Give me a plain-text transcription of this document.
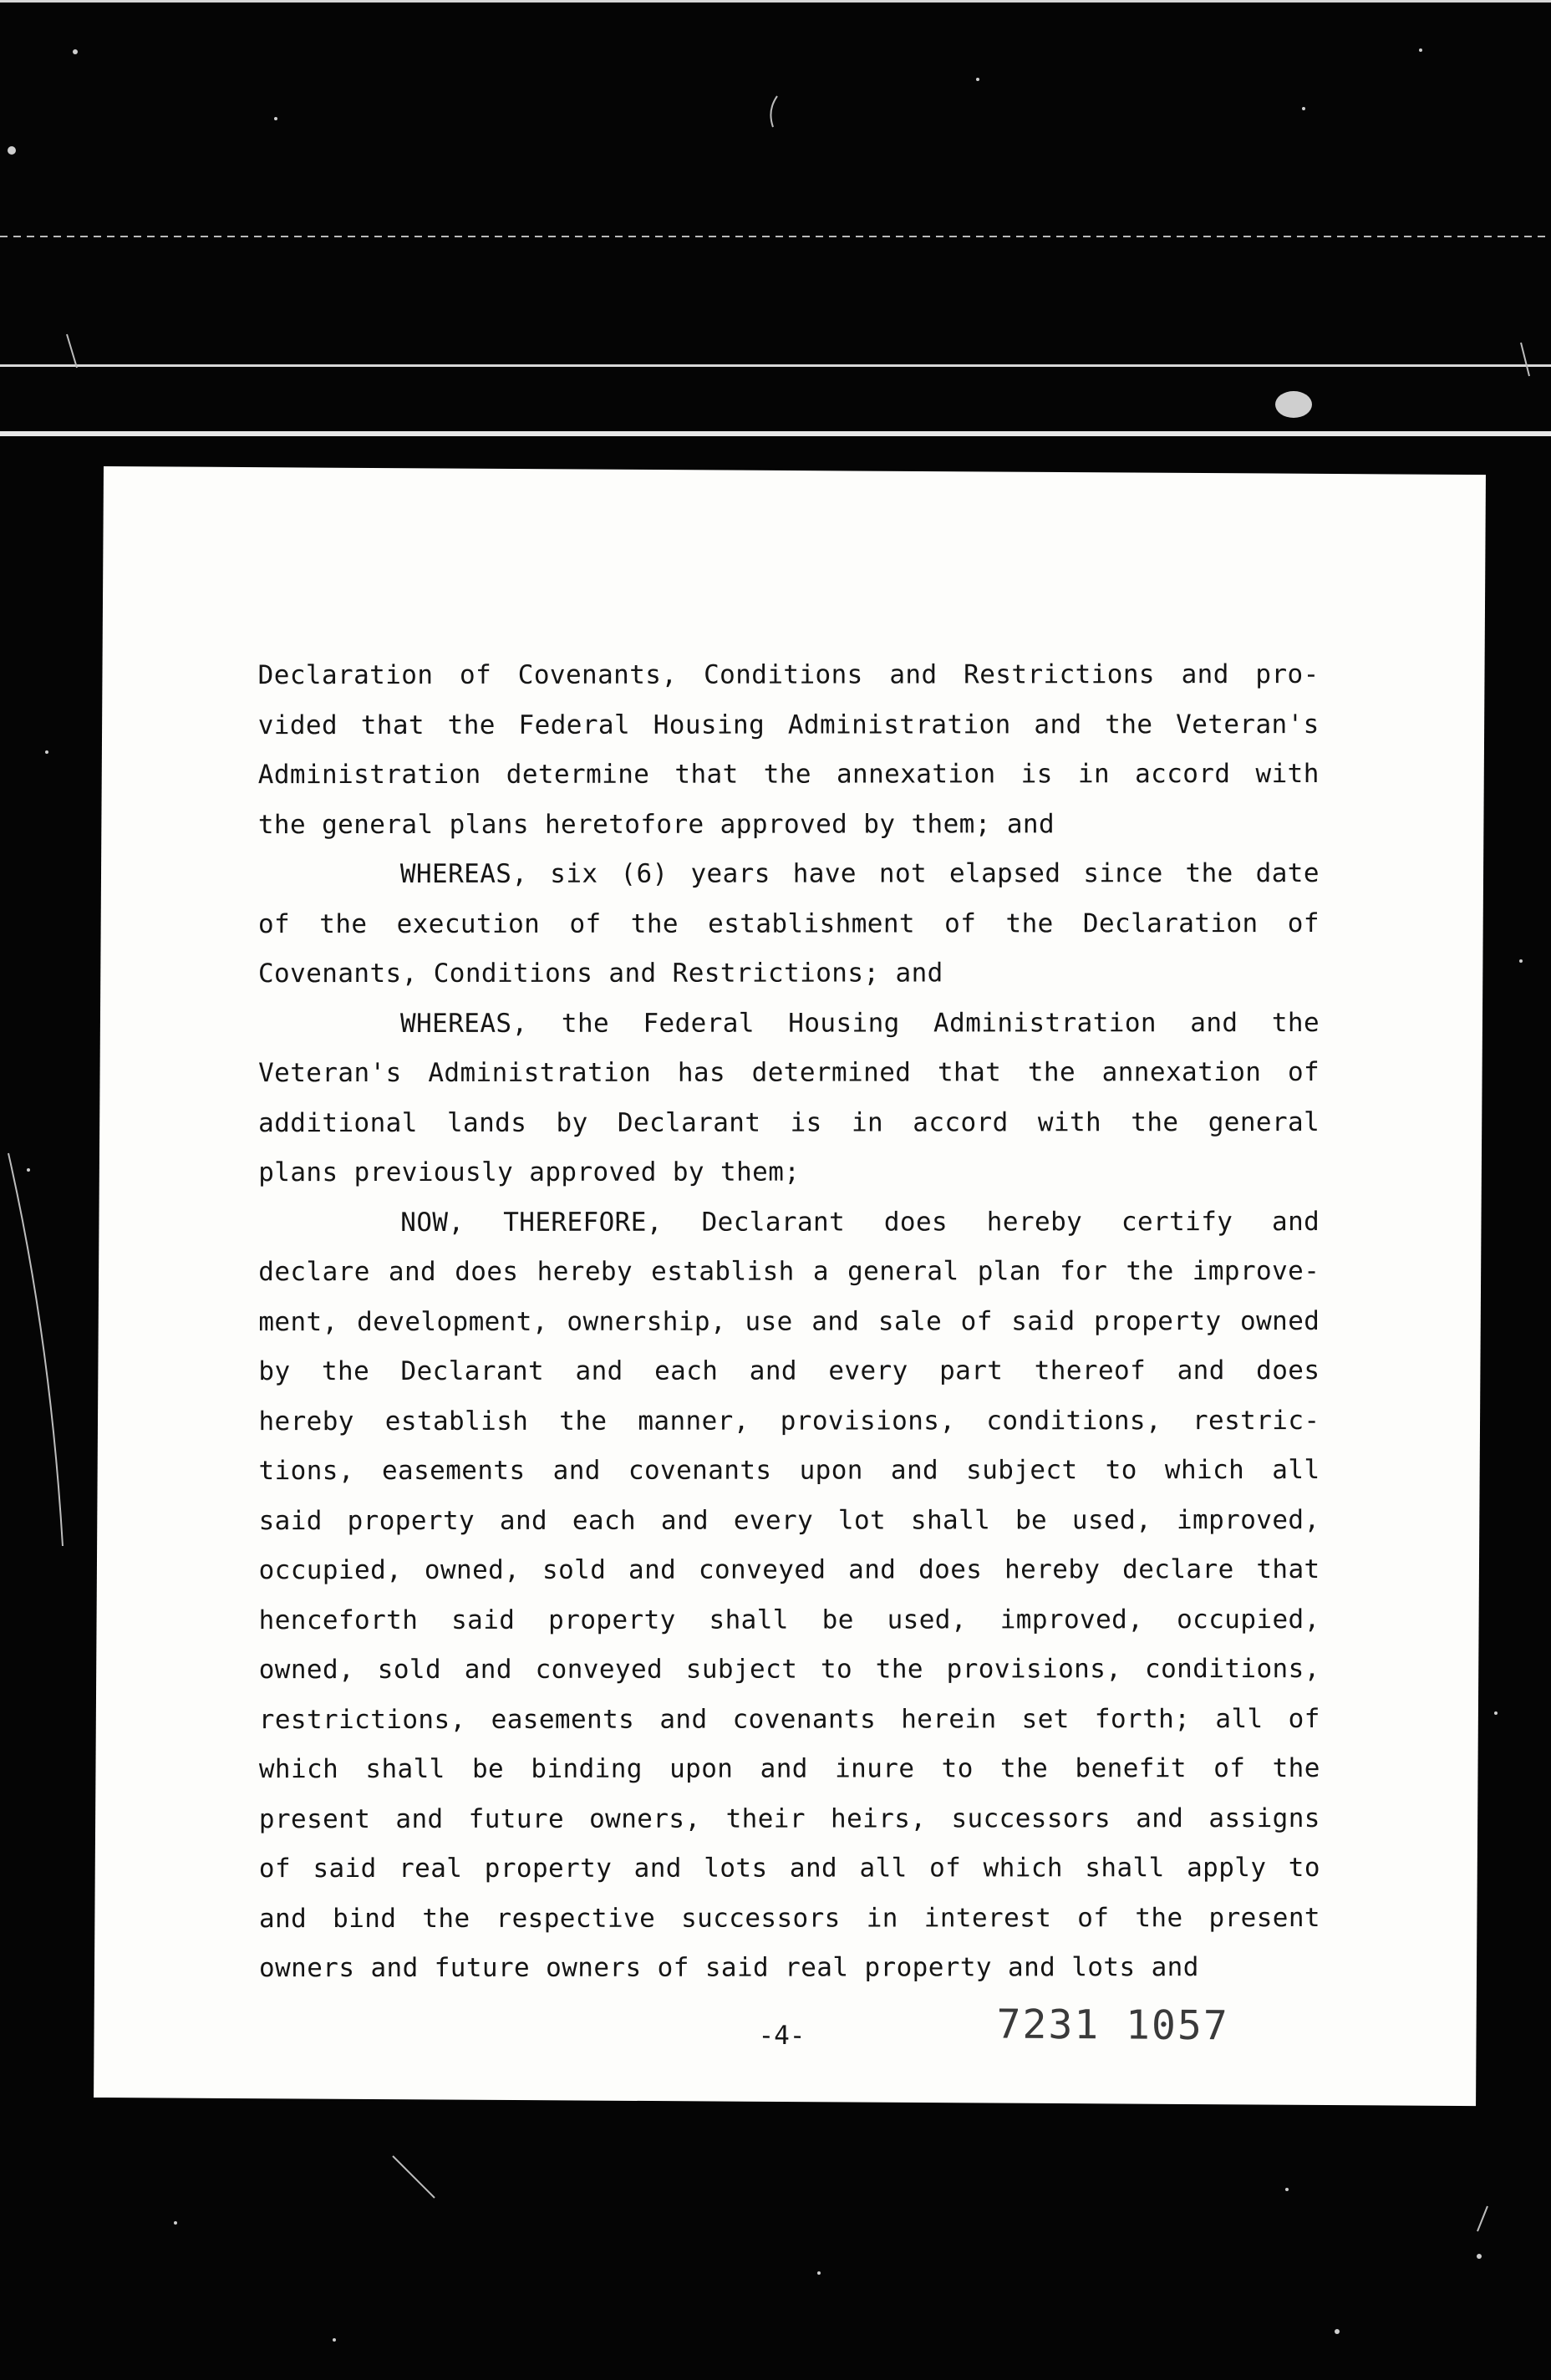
Declaration of Covenants, Conditions and Restrictions and pro-
vided that the Federal Housing Administration and the Veteran's
Administration determine that the annexation is in accord with
the general plans heretofore approved by them; and
WHEREAS, six (6) years have not elapsed since the date
of the execution of the establishment of the Declaration of
Covenants, Conditions and Restrictions; and
WHEREAS, the Federal Housing Administration and the
Veteran's Administration has determined that the annexation of
additional lands by Declarant is in accord with the general
plans previously approved by them;
NOW, THEREFORE, Declarant does hereby certify and
declare and does hereby establish a general plan for the improve-
ment, development, ownership, use and sale of said property owned
by the Declarant and each and every part thereof and does
hereby establish the manner, provisions, conditions, restric-
tions, easements and covenants upon and subject to which all
said property and each and every lot shall be used, improved,
occupied, owned, sold and conveyed and does hereby declare that
henceforth said property shall be used, improved, occupied,
owned, sold and conveyed subject to the provisions, conditions,
restrictions, easements and covenants herein set forth; all of
which shall be binding upon and inure to the benefit of the
present and future owners, their heirs, successors and assigns
of said real property and lots and all of which shall apply to
and bind the respective successors in interest of the present
owners and future owners of said real property and lots and
-4-	7231 1057
